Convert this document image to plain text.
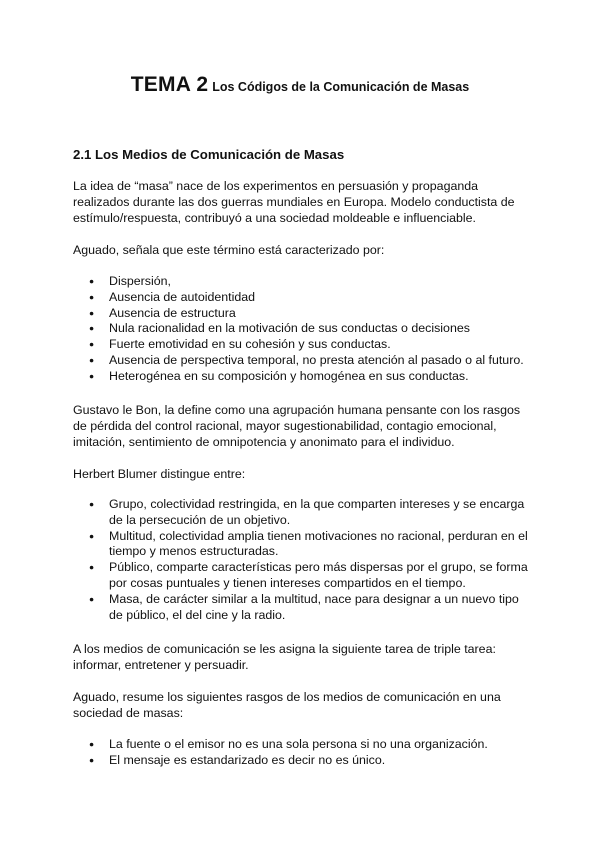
TEMA 2 Los Códigos de la Comunicación de Masas
2.1 Los Medios de Comunicación de Masas

La idea de “masa” nace de los experimentos en persuasión y propaganda realizados durante las dos guerras mundiales en Europa. Modelo conductista de estímulo/respuesta, contribuyó a una sociedad moldeable e influenciable.

Aguado, señala que este término está caracterizado por:

● Dispersión,
● Ausencia de autoidentidad
● Ausencia de estructura
● Nula racionalidad en la motivación de sus conductas o decisiones
● Fuerte emotividad en su cohesión y sus conductas.
● Ausencia de perspectiva temporal, no presta atención al pasado o al futuro.
● Heterogénea en su composición y homogénea en sus conductas.

Gustavo le Bon, la define como una agrupación humana pensante con los rasgos de pérdida del control racional, mayor sugestionabilidad, contagio emocional, imitación, sentimiento de omnipotencia y anonimato para el individuo.

Herbert Blumer distingue entre:

● Grupo, colectividad restringida, en la que comparten intereses y se encarga de la persecución de un objetivo.
● Multitud, colectividad amplia tienen motivaciones no racional, perduran en el tiempo y menos estructuradas.
● Público, comparte características pero más dispersas por el grupo, se forma por cosas puntuales y tienen intereses compartidos en el tiempo.
● Masa, de carácter similar a la multitud, nace para designar a un nuevo tipo de público, el del cine y la radio.

A los medios de comunicación se les asigna la siguiente tarea de triple tarea: informar, entretener y persuadir.

Aguado, resume los siguientes rasgos de los medios de comunicación en una sociedad de masas:

● La fuente o el emisor no es una sola persona si no una organización.
● El mensaje es estandarizado es decir no es único.
